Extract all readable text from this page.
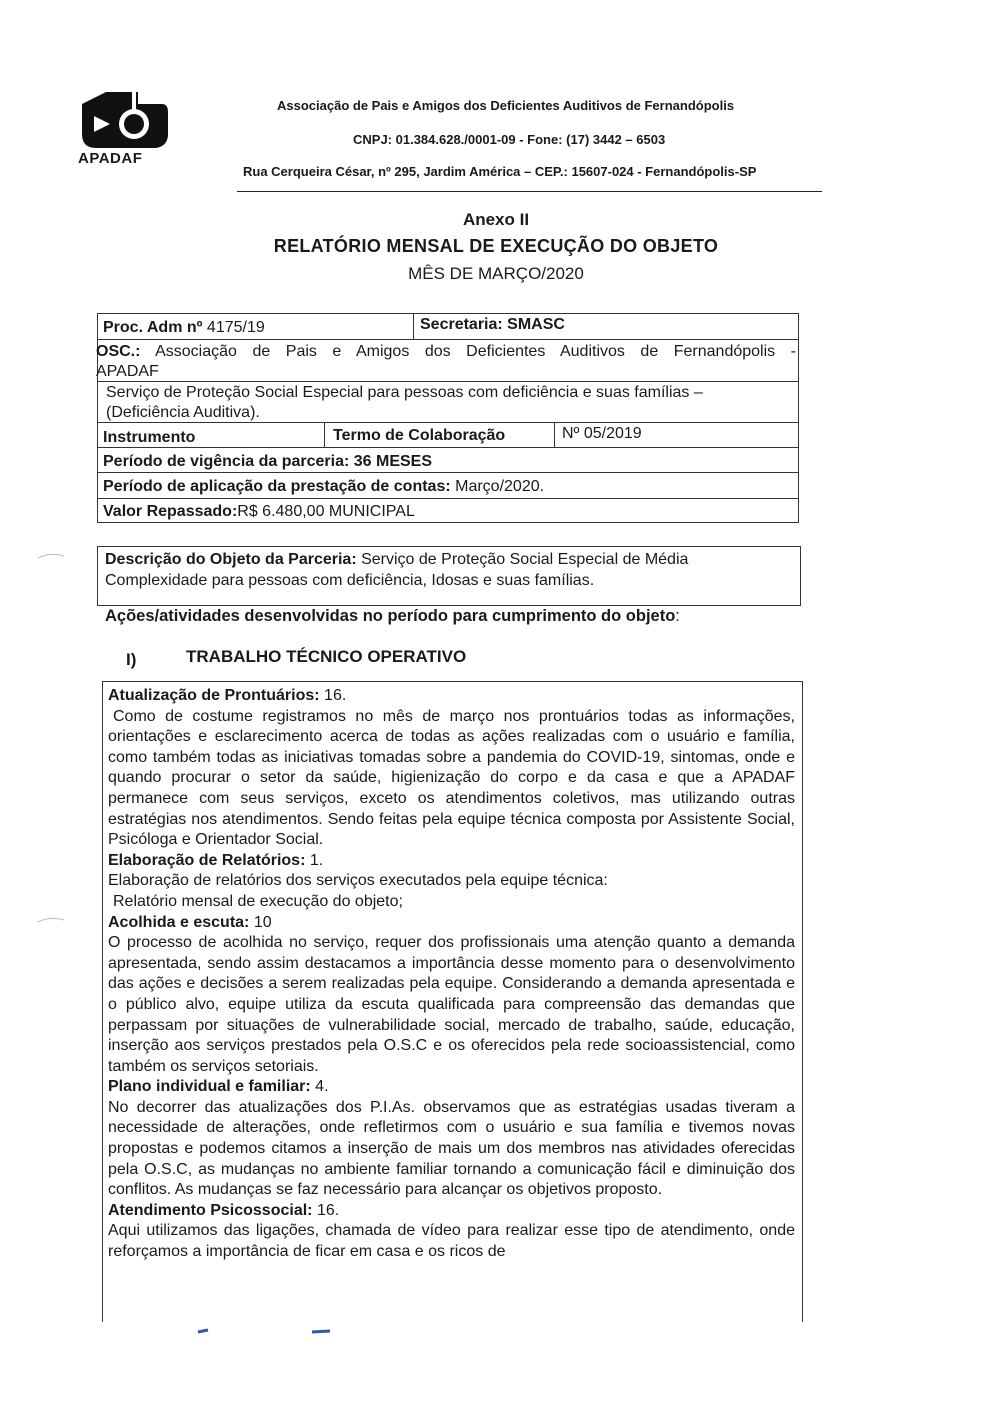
APADAF
Associação de Pais e Amigos dos Deficientes Auditivos de Fernandópolis
CNPJ: 01.384.628./0001-09 - Fone: (17) 3442 – 6503
Rua Cerqueira César, nº 295, Jardim América – CEP.: 15607-024 - Fernandópolis-SP
Anexo II
RELATÓRIO MENSAL DE EXECUÇÃO DO OBJETO
MÊS DE MARÇO/2020
Proc. Adm nº 4175/19	Secretaria: SMASC
OSC.: Associação de Pais e Amigos dos Deficientes Auditivos de Fernandópolis -
APADAF
Serviço de Proteção Social Especial para pessoas com deficiência e suas famílias –
(Deficiência Auditiva).
Instrumento	Termo de Colaboração	Nº 05/2019
Período de vigência da parceria: 36 MESES
Período de aplicação da prestação de contas: Março/2020.
Valor Repassado:R$ 6.480,00 MUNICIPAL
Descrição do Objeto da Parceria: Serviço de Proteção Social Especial de Média
Complexidade para pessoas com deficiência, Idosas e suas famílias.
Ações/atividades desenvolvidas no período para cumprimento do objeto:
I)	TRABALHO TÉCNICO OPERATIVO
Atualização de Prontuários: 16.
Como de costume registramos no mês de março nos prontuários todas as informações, orientações e esclarecimento acerca de todas as ações realizadas com o usuário e família, como também todas as iniciativas tomadas sobre a pandemia do COVID-19, sintomas, onde e quando procurar o setor da saúde, higienização do corpo e da casa e que a APADAF permanece com seus serviços, exceto os atendimentos coletivos, mas utilizando outras estratégias nos atendimentos. Sendo feitas pela equipe técnica composta por Assistente Social, Psicóloga e Orientador Social.
Elaboração de Relatórios: 1.
Elaboração de relatórios dos serviços executados pela equipe técnica:
Relatório mensal de execução do objeto;
Acolhida e escuta: 10
O processo de acolhida no serviço, requer dos profissionais uma atenção quanto a demanda apresentada, sendo assim destacamos a importância desse momento para o desenvolvimento das ações e decisões a serem realizadas pela equipe. Considerando a demanda apresentada e o público alvo, equipe utiliza da escuta qualificada para compreensão das demandas que perpassam por situações de vulnerabilidade social, mercado de trabalho, saúde, educação, inserção aos serviços prestados pela O.S.C e os oferecidos pela rede socioassistencial, como também os serviços setoriais.
Plano individual e familiar: 4.
No decorrer das atualizações dos P.I.As. observamos que as estratégias usadas tiveram a necessidade de alterações, onde refletirmos com o usuário e sua família e tivemos novas propostas e podemos citamos a inserção de mais um dos membros nas atividades oferecidas pela O.S.C, as mudanças no ambiente familiar tornando a comunicação fácil e diminuição dos conflitos. As mudanças se faz necessário para alcançar os objetivos proposto.
Atendimento Psicossocial: 16.
Aqui utilizamos das ligações, chamada de vídeo para realizar esse tipo de atendimento, onde reforçamos a importância de ficar em casa e os ricos de
